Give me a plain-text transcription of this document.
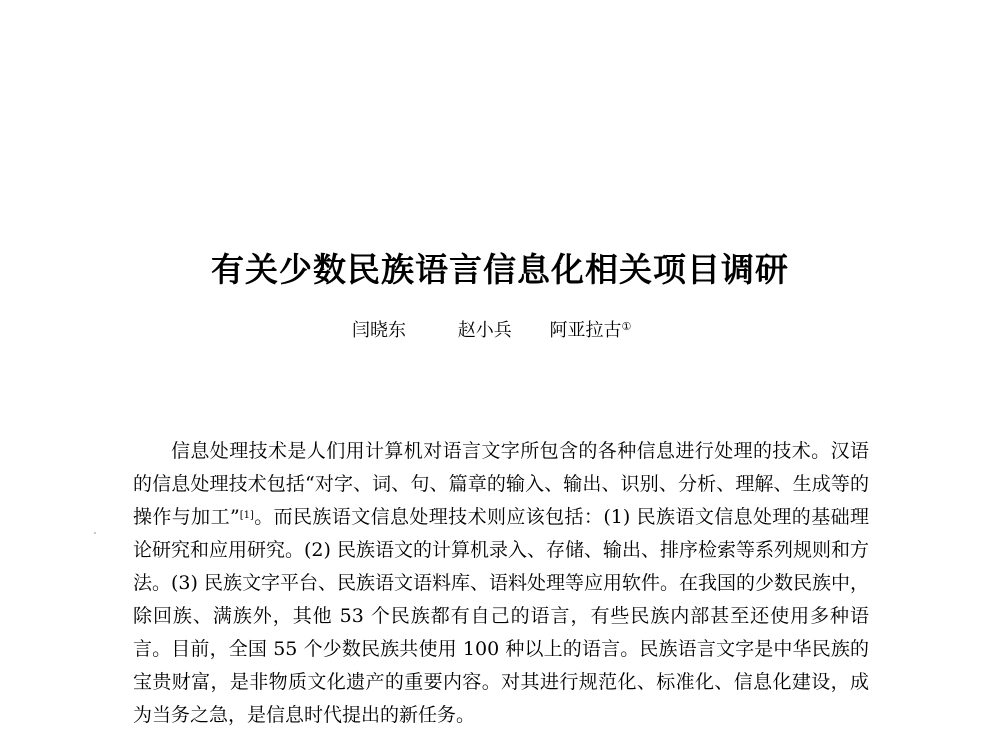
有关少数民族语言信息化相关项目调研
闫晓东	赵小兵 阿亚拉古①

信息处理技术是人们用计算机对语言文字所包含的各种信息进行处理的技术。汉语的信息处理技术包括“对字、词、句、篇章的输入、输出、识别、分析、理解、生成等的操作与加工”[1]。而民族语文信息处理技术则应该包括：(1) 民族语文信息处理的基础理论研究和应用研究。(2) 民族语文的计算机录入、存储、输出、排序检索等系列规则和方法。(3) 民族文字平台、民族语文语料库、语料处理等应用软件。在我国的少数民族中，除回族、满族外，其他 53 个民族都有自己的语言，有些民族内部甚至还使用多种语言。目前，全国 55 个少数民族共使用 100 种以上的语言。民族语言文字是中华民族的宝贵财富，是非物质文化遗产的重要内容。对其进行规范化、标准化、信息化建设，成为当务之急，是信息时代提出的新任务。
